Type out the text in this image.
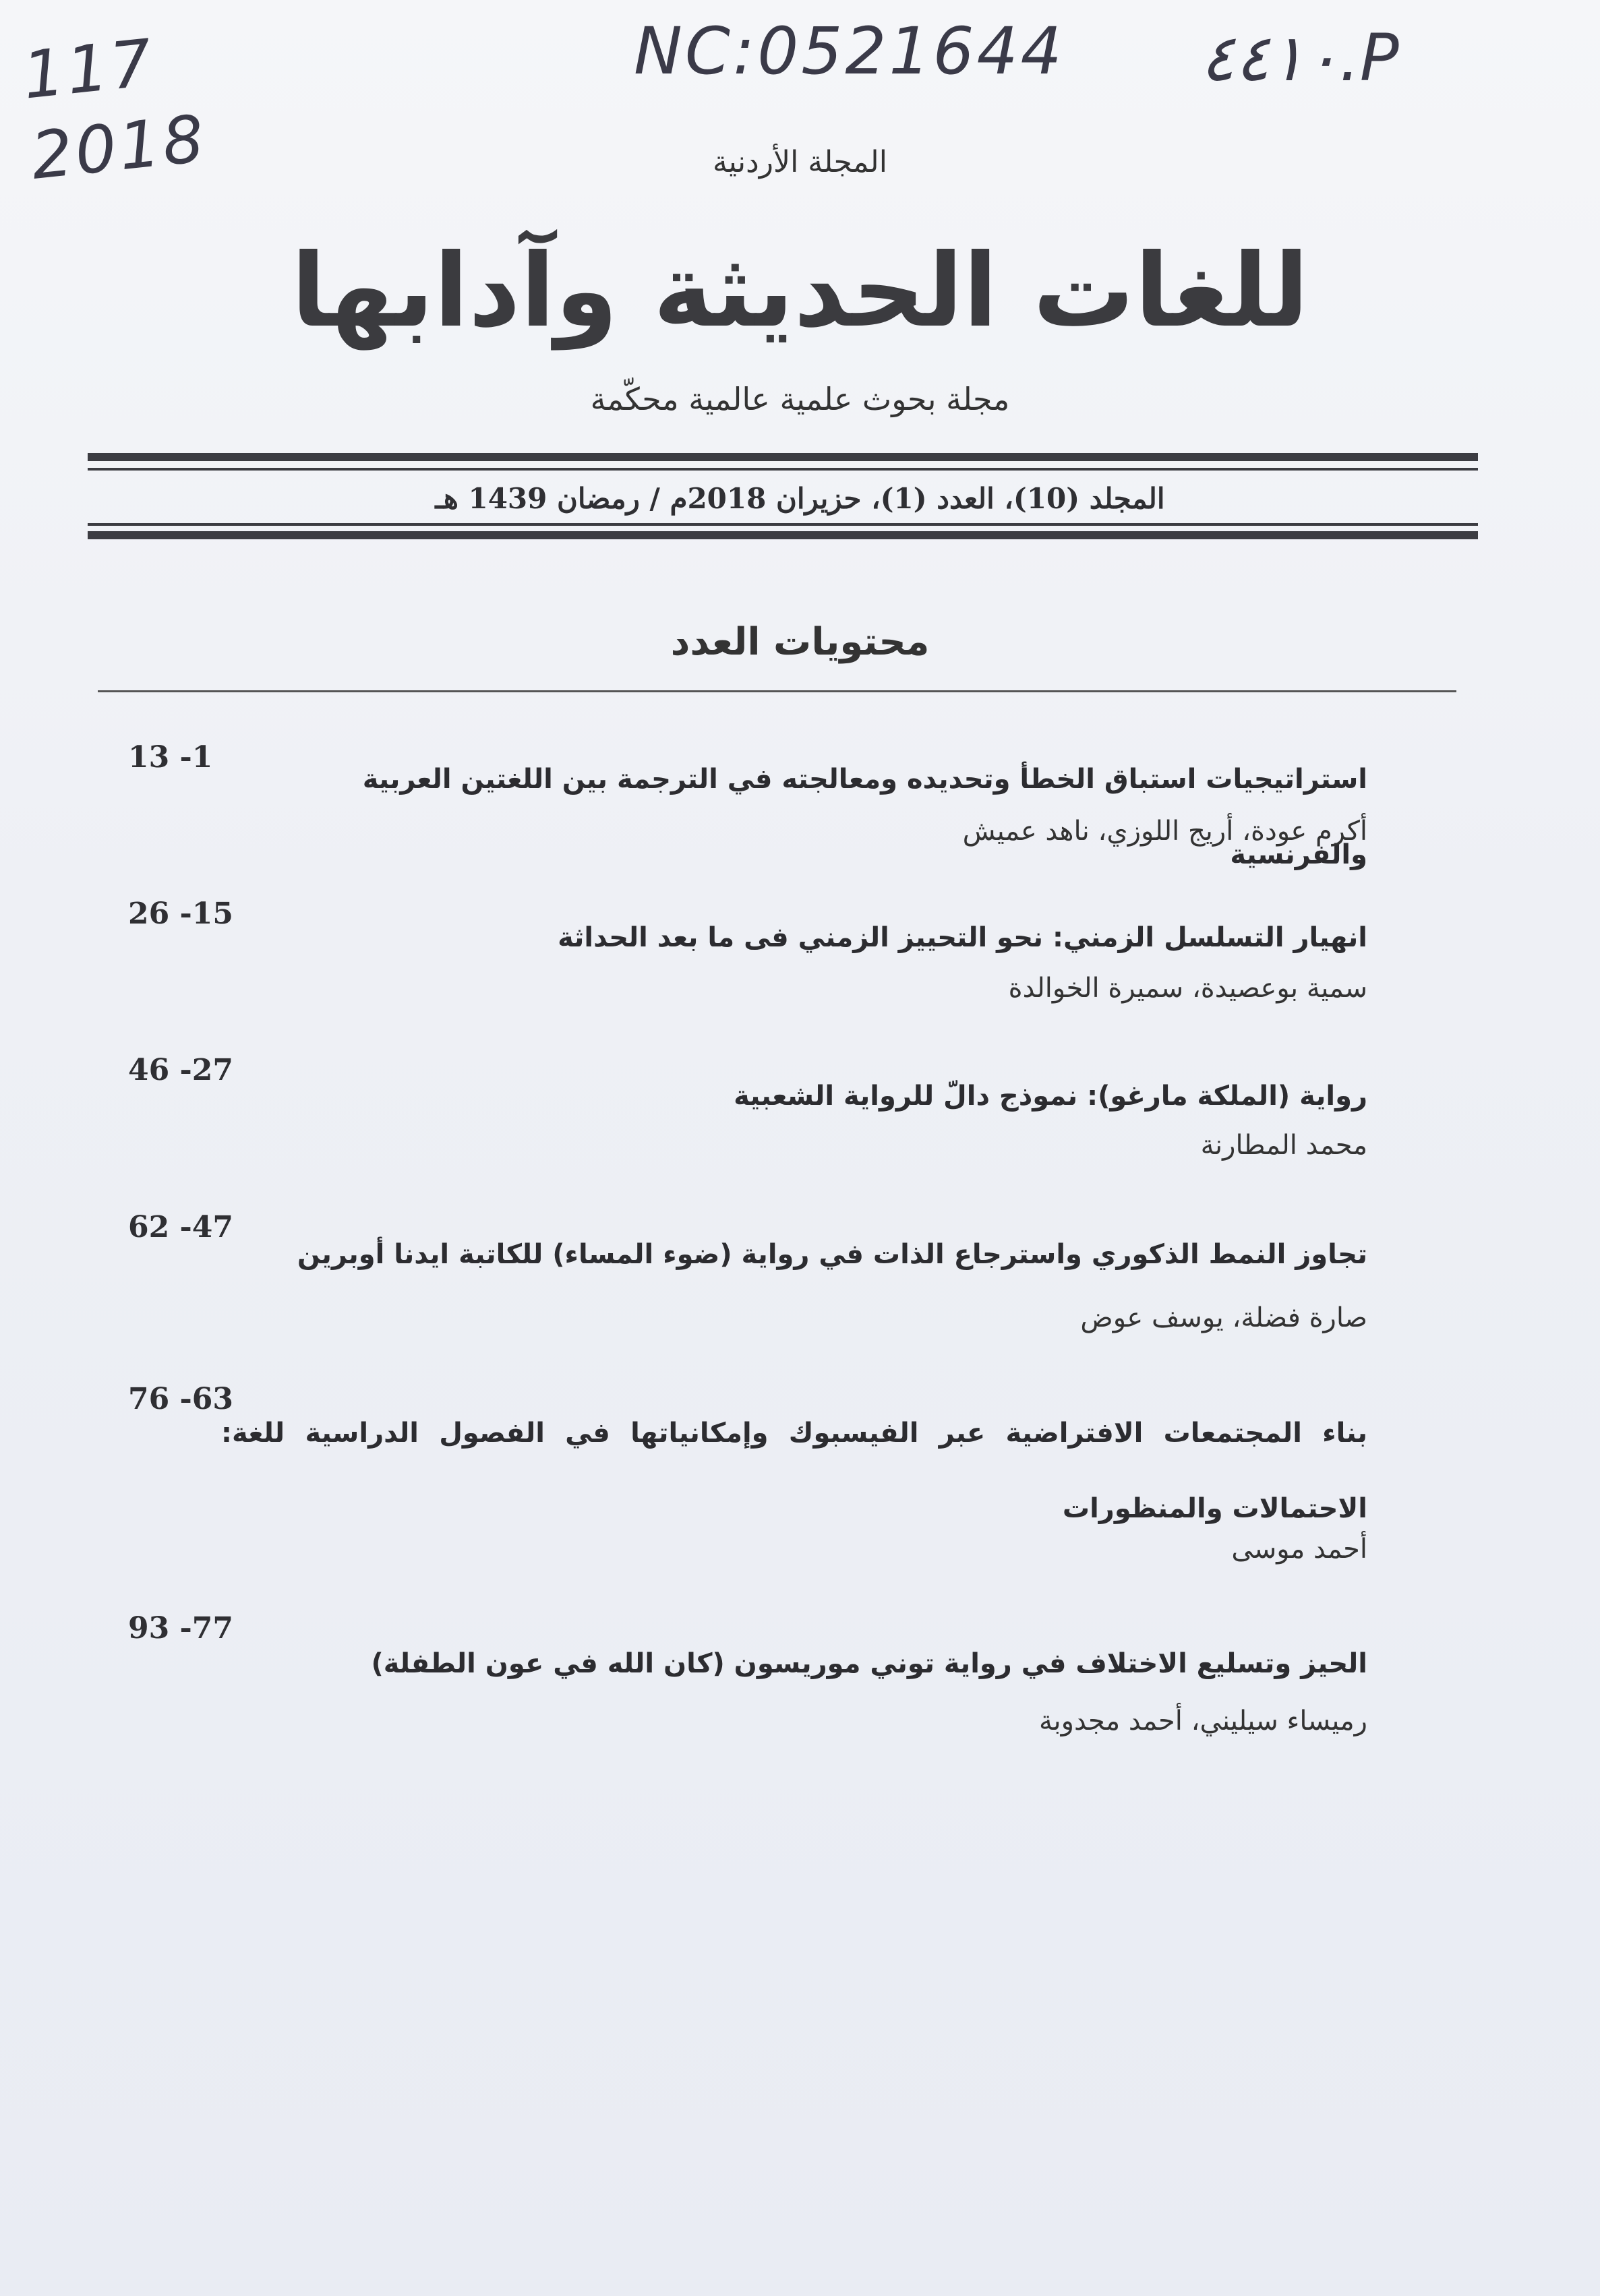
117
2018
NC:0521644 ٤٤١٠.P
المجلة الأردنية
للغات الحديثة وآدابها
مجلة بحوث علمية عالمية محكّمة
المجلد (10)، العدد (1)، حزيران 2018م / رمضان 1439 هـ
محتويات العدد
13 -1
استراتيجيات استباق الخطأ وتحديده ومعالجته في الترجمة بين اللغتين العربية والفرنسية
أكرم عودة، أريج اللوزي، ناهد عميش
26 -15
انهيار التسلسل الزمني: نحو التحييز الزمني فى ما بعد الحداثة
سمية بوعصيدة، سميرة الخوالدة
46 -27
رواية (الملكة مارغو): نموذج دالّ للرواية الشعبية
محمد المطارنة
62 -47
تجاوز النمط الذكوري واسترجاع الذات في رواية (ضوء المساء) للكاتبة ايدنا أوبرين
صارة فضلة، يوسف عوض
76 -63
بناء المجتمعات الافتراضية عبر الفيسبوك وإمكانياتها في الفصول الدراسية للغة: الاحتمالات والمنظورات
أحمد موسى
93 -77
الحيز وتسليع الاختلاف في رواية توني موريسون (كان الله في عون الطفلة)
رميساء سيليني، أحمد مجدوبة
